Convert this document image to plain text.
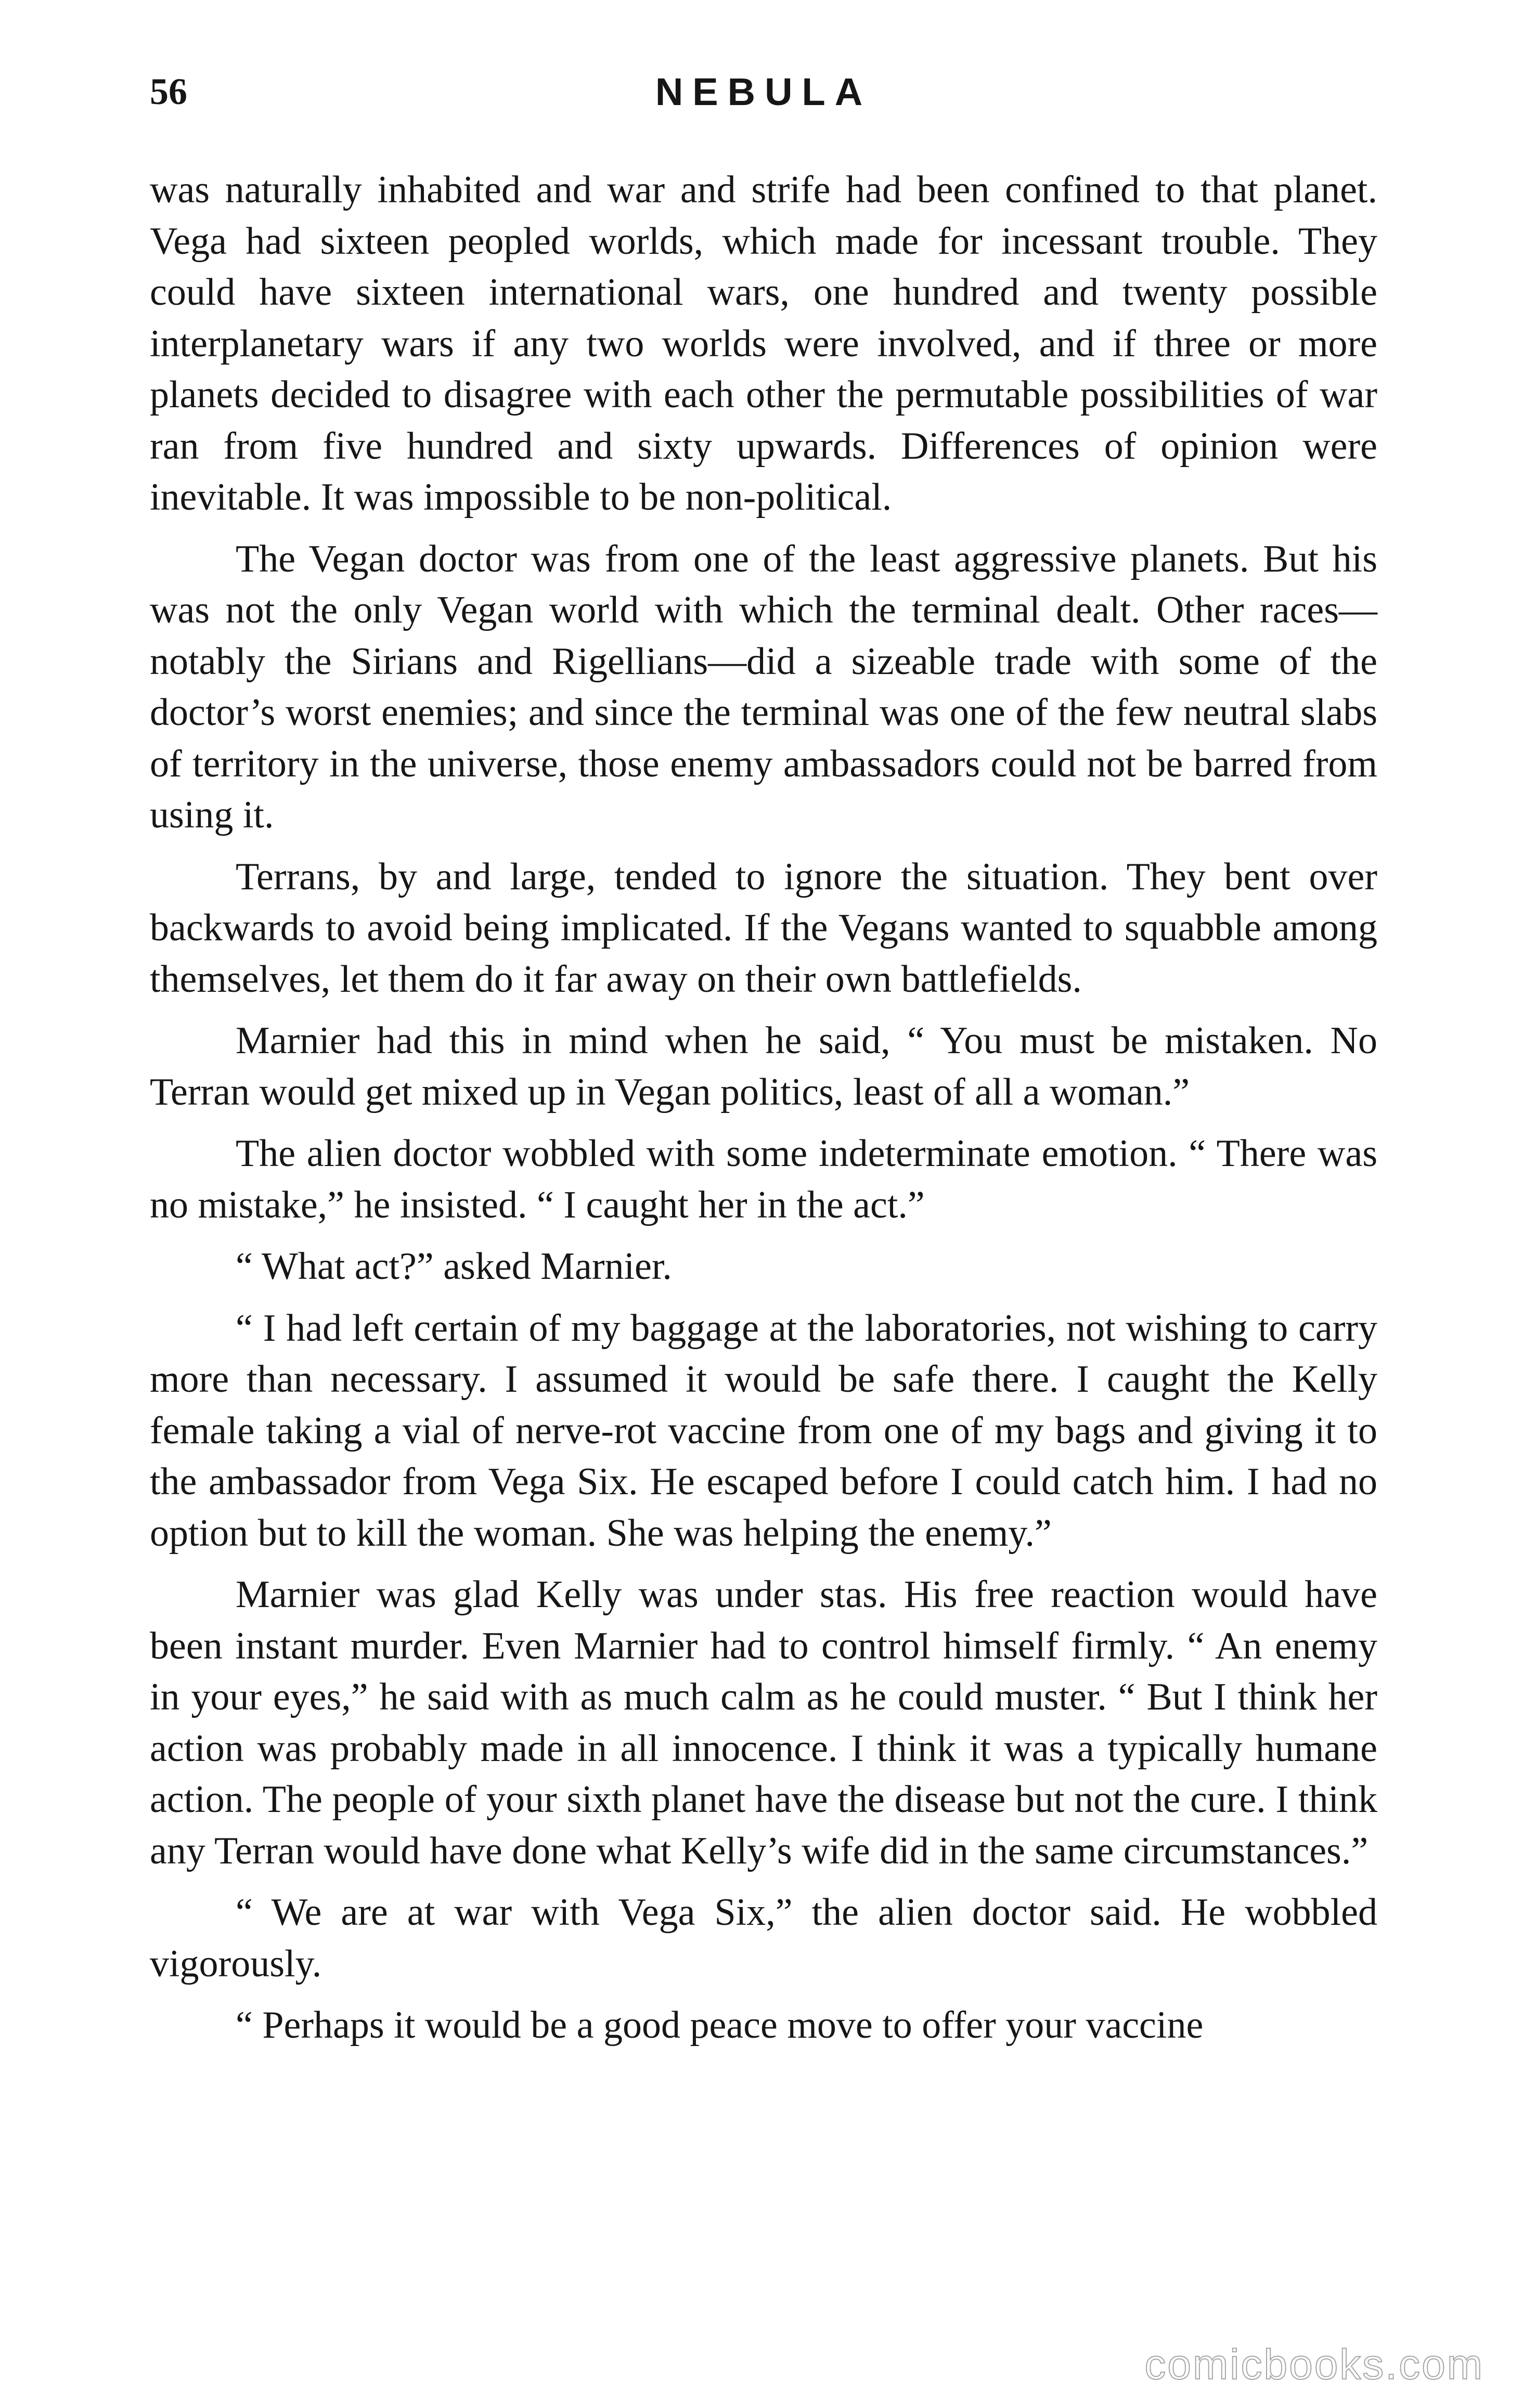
56	NEBULA

was naturally inhabited and war and strife had been confined to that planet. Vega had sixteen peopled worlds, which made for incessant trouble. They could have sixteen international wars, one hundred and twenty possible interplanetary wars if any two worlds were involved, and if three or more planets decided to disagree with each other the permutable possibilities of war ran from five hundred and sixty upwards. Differences of opinion were inevitable. It was impossible to be non-political.

The Vegan doctor was from one of the least aggressive planets. But his was not the only Vegan world with which the terminal dealt. Other races—notably the Sirians and Rigellians—did a sizeable trade with some of the doctor’s worst enemies; and since the terminal was one of the few neutral slabs of territory in the universe, those enemy ambassadors could not be barred from using it.

Terrans, by and large, tended to ignore the situation. They bent over backwards to avoid being implicated. If the Vegans wanted to squabble among themselves, let them do it far away on their own battlefields.

Marnier had this in mind when he said, “ You must be mistaken. No Terran would get mixed up in Vegan politics, least of all a woman.”

The alien doctor wobbled with some indeterminate emotion. “ There was no mistake,” he insisted. “ I caught her in the act.”

“ What act?” asked Marnier.

“ I had left certain of my baggage at the laboratories, not wishing to carry more than necessary. I assumed it would be safe there. I caught the Kelly female taking a vial of nerve-rot vaccine from one of my bags and giving it to the ambassador from Vega Six. He escaped before I could catch him. I had no option but to kill the woman. She was helping the enemy.”

Marnier was glad Kelly was under stas. His free reaction would have been instant murder. Even Marnier had to control himself firmly. “ An enemy in your eyes,” he said with as much calm as he could muster. “ But I think her action was probably made in all innocence. I think it was a typically humane action. The people of your sixth planet have the disease but not the cure. I think any Terran would have done what Kelly’s wife did in the same circumstances.”

“ We are at war with Vega Six,” the alien doctor said. He wobbled vigorously.

“ Perhaps it would be a good peace move to offer your vaccine

comicbooks.com
